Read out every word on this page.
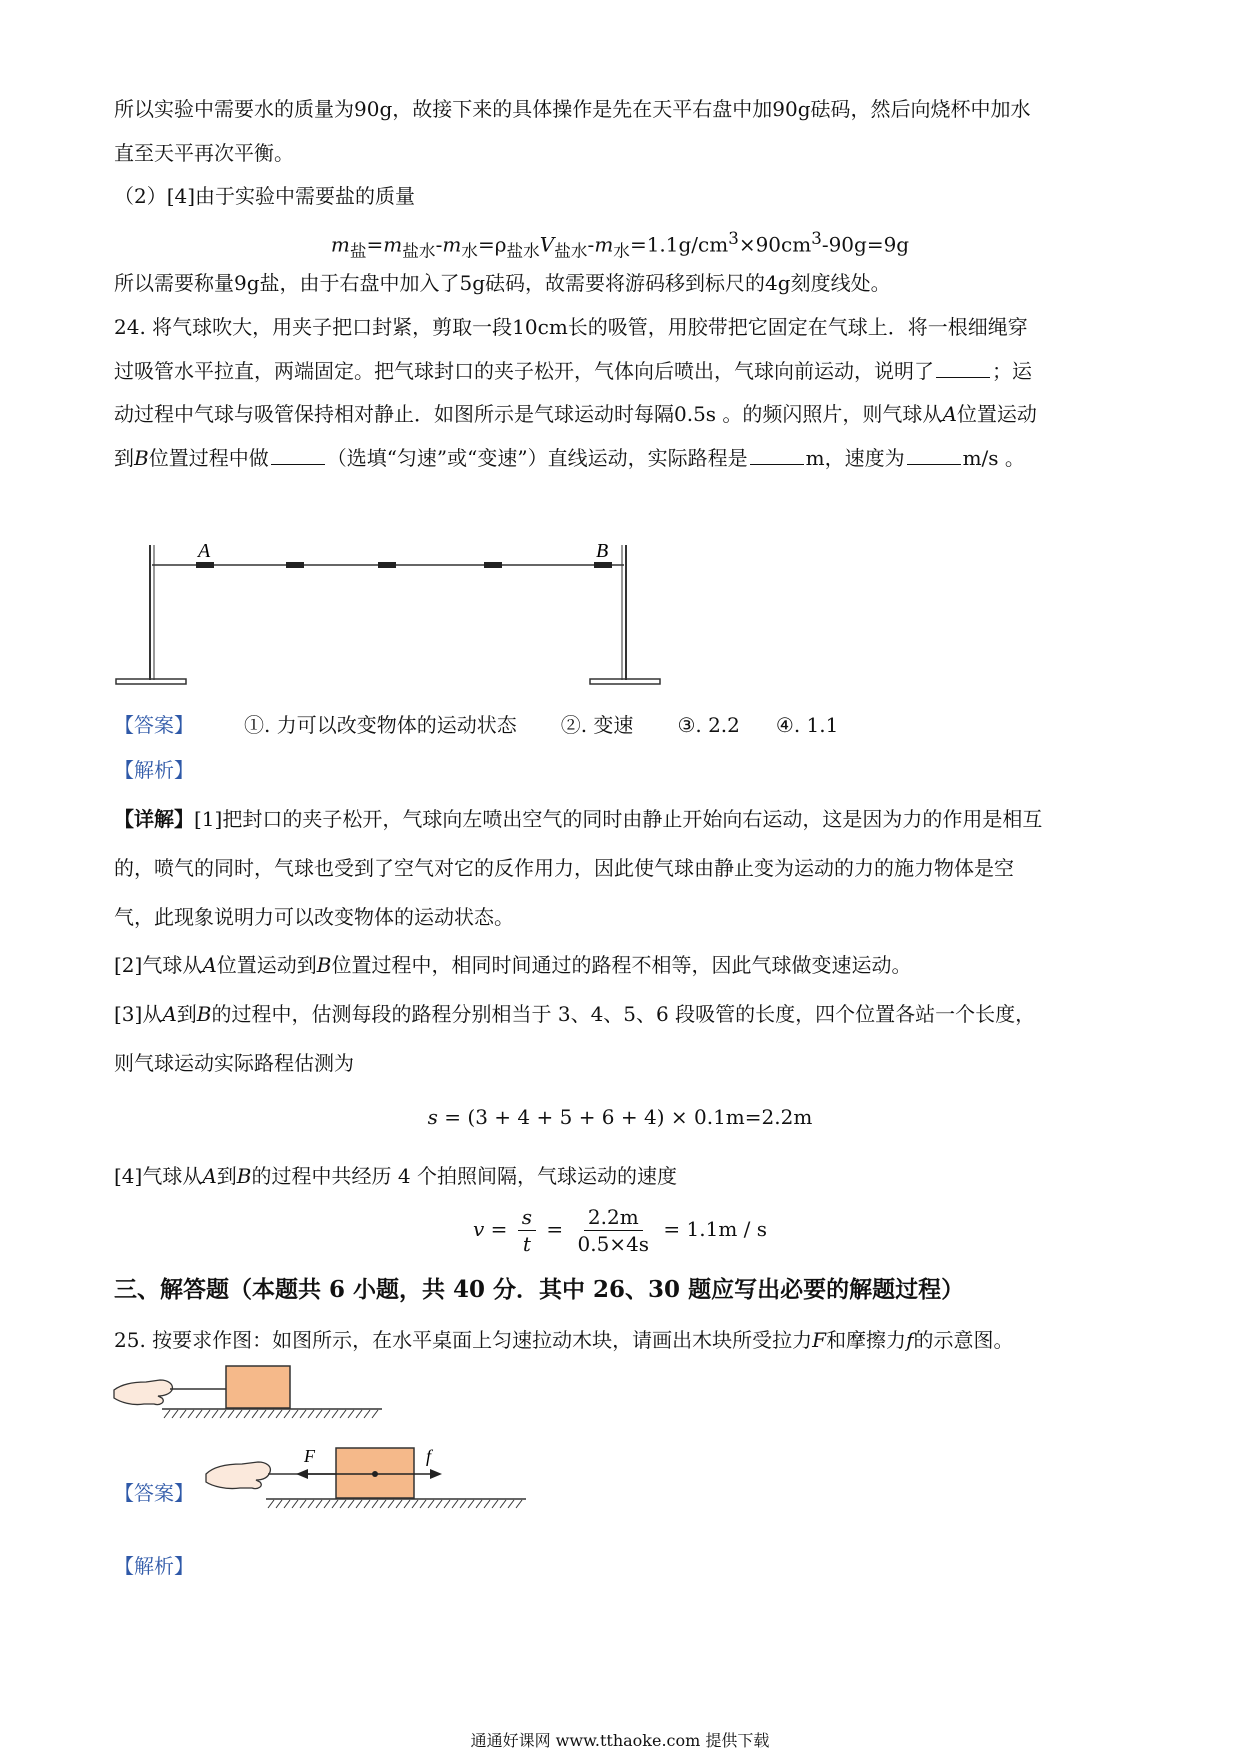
所以实验中需要水的质量为90g，故接下来的具体操作是先在天平右盘中加90g砝码，然后向烧杯中加水
直至天平再次平衡。
（2）[4]由于实验中需要盐的质量
$m_盐=m_{盐水}-m_水=\rho_{盐水}V_{盐水}-m_水=1.1g/cm^3\times 90cm^3-90g=9g$
所以需要称量9g盐，由于右盘中加入了5g砝码，故需要将游码移到标尺的4g刻度线处。
24. 将气球吹大，用夹子把口封紧，剪取一段10cm长的吸管，用胶带把它固定在气球上．将一根细绳穿
过吸管水平拉直，两端固定。把气球封口的夹子松开，气体向后喷出，气球向前运动，说明了	；运
动过程中气球与吸管保持相对静止．如图所示是气球运动时每隔0.5s 。的频闪照片，则气球从A位置运动
到B位置过程中做	（选填“匀速”或“变速”）直线运动，实际路程是	m，速度为	m/s 。
A	B
【答案】	①. 力可以改变物体的运动状态 ②. 变速 ③. 2.2 ④. 1.1
【解析】
【详解】[1]把封口的夹子松开，气球向左喷出空气的同时由静止开始向右运动，这是因为力的作用是相互
的，喷气的同时，气球也受到了空气对它的反作用力，因此使气球由静止变为运动的力的施力物体是空
气，此现象说明力可以改变物体的运动状态。
[2]气球从A位置运动到B位置过程中，相同时间通过的路程不相等，因此气球做变速运动。
[3]从A到B的过程中，估测每段的路程分别相当于 3、4、5、6 段吸管的长度，四个位置各站一个长度，
则气球运动实际路程估测为
s = (3 + 4 + 5 + 6 + 4) × 0.1m=2.2m
[4]气球从A到B的过程中共经历 4 个拍照间隔，气球运动的速度
$v = \frac{s}{t} = \frac{2.2m}{0.5\times 4s} = 1.1m / s$
三、解答题（本题共 6 小题，共 40 分．其中 26、30 题应写出必要的解题过程）
25. 按要求作图：如图所示，在水平桌面上匀速拉动木块，请画出木块所受拉力F和摩擦力f的示意图。
【答案】
F	f
【解析】
通通好课网 www.tthaoke.com 提供下载
